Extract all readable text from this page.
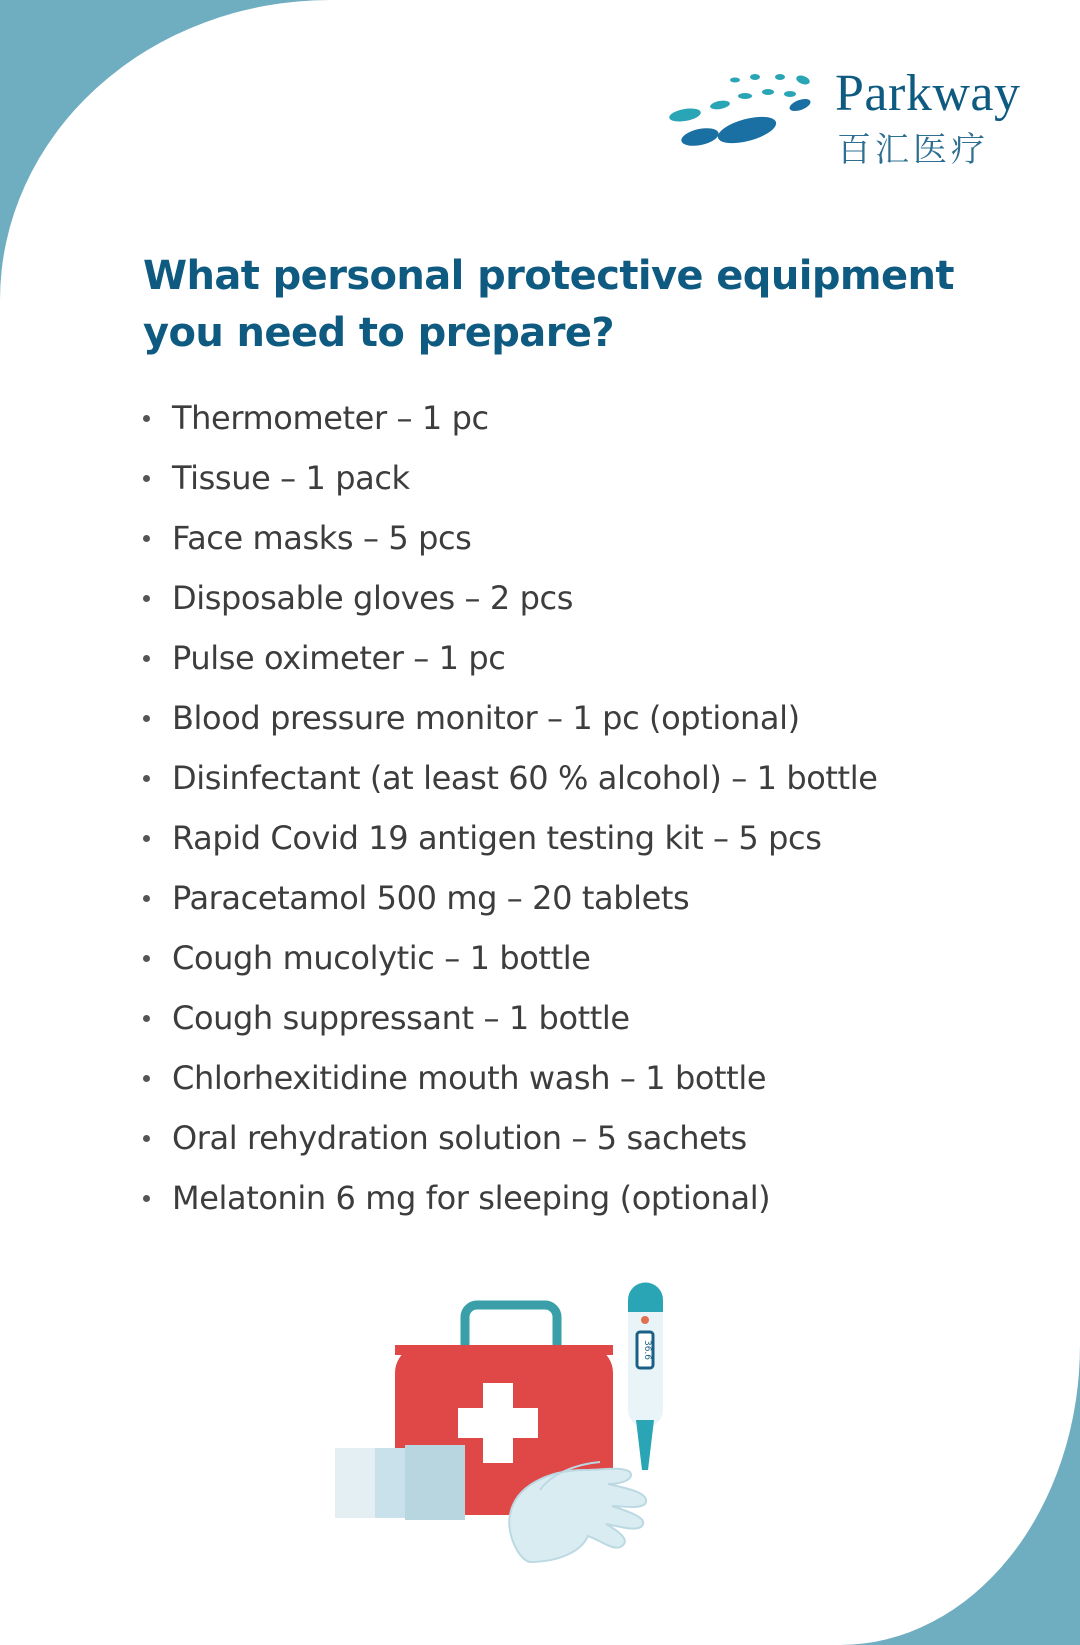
Parkway
百汇医疗
What personal protective equipment you need to prepare?
Thermometer – 1 pc
Tissue – 1 pack
Face masks – 5 pcs
Disposable gloves – 2 pcs
Pulse oximeter – 1 pc
Blood pressure monitor – 1 pc (optional)
Disinfectant (at least 60 % alcohol) – 1 bottle
Rapid Covid 19 antigen testing kit – 5 pcs
Paracetamol 500 mg – 20 tablets
Cough mucolytic – 1 bottle
Cough suppressant – 1 bottle
Chlorhexitidine mouth wash – 1 bottle
Oral rehydration solution – 5 sachets
Melatonin 6 mg for sleeping (optional)
36.6
